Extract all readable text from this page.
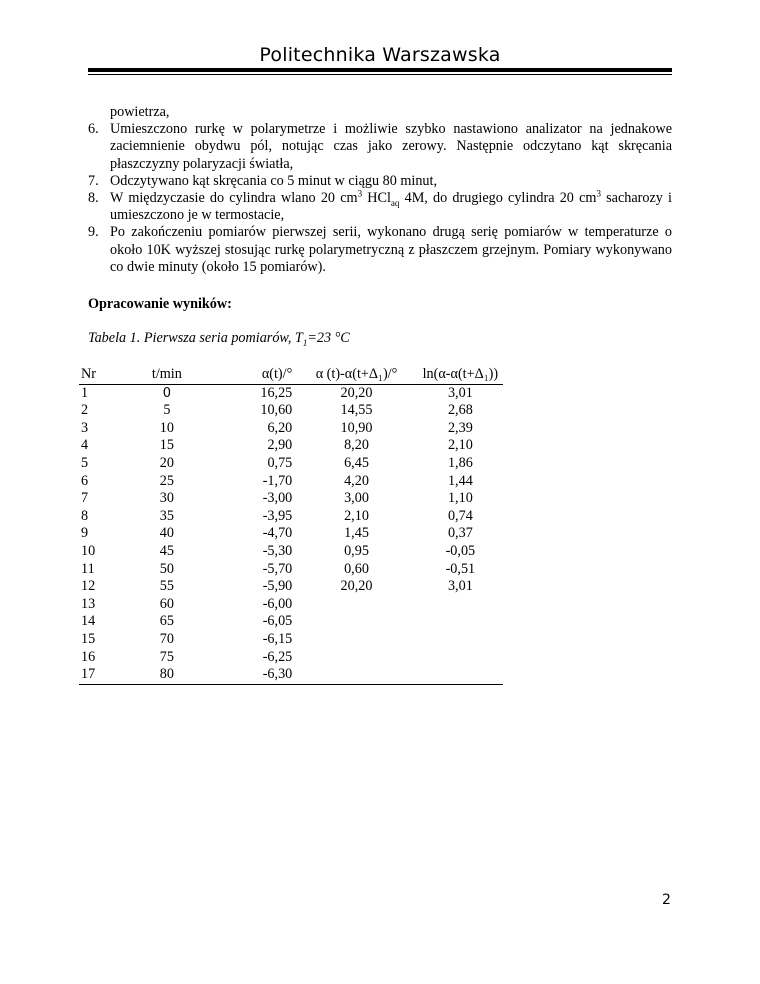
Politechnika Warszawska
powietrza,
6. Umieszczono rurkę w polarymetrze i możliwie szybko nastawiono analizator na jednakowe zaciemnienie obydwu pól, notując czas jako zerowy. Następnie odczytano kąt skręcania płaszczyzny polaryzacji światła,
7. Odczytywano kąt skręcania co 5 minut w ciągu 80 minut,
8. W międzyczasie do cylindra wlano 20 $cm^3$ HCl$_{aq}$ 4M, do drugiego cylindra 20 $cm^3$ sacharozy i umieszczono je w termostacie,
9. Po zakończeniu pomiarów pierwszej serii, wykonano drugą serię pomiarów w temperaturze o około 10K wyższej stosując rurkę polarymetryczną z płaszczem grzejnym. Pomiary wykonywano co dwie minuty (około 15 pomiarów).
Opracowanie wyników:
Tabela 1. Pierwsza seria pomiarów, $T_1=23$ °C
Nr	t/min	α(t)/°	α (t)-α(t+Δ₁)/°	ln(α-α(t+Δ₁))
1	0	16,25	20,20	3,01
2	5	10,60	14,55	2,68
3	10	6,20	10,90	2,39
4	15	2,90	8,20	2,10
5	20	0,75	6,45	1,86
6	25	-1,70	4,20	1,44
7	30	-3,00	3,00	1,10
8	35	-3,95	2,10	0,74
9	40	-4,70	1,45	0,37
10	45	-5,30	0,95	-0,05
11	50	-5,70	0,60	-0,51
12	55	-5,90	20,20	3,01
13	60	-6,00		
14	65	-6,05		
15	70	-6,15		
16	75	-6,25		
17	80	-6,30		
2
